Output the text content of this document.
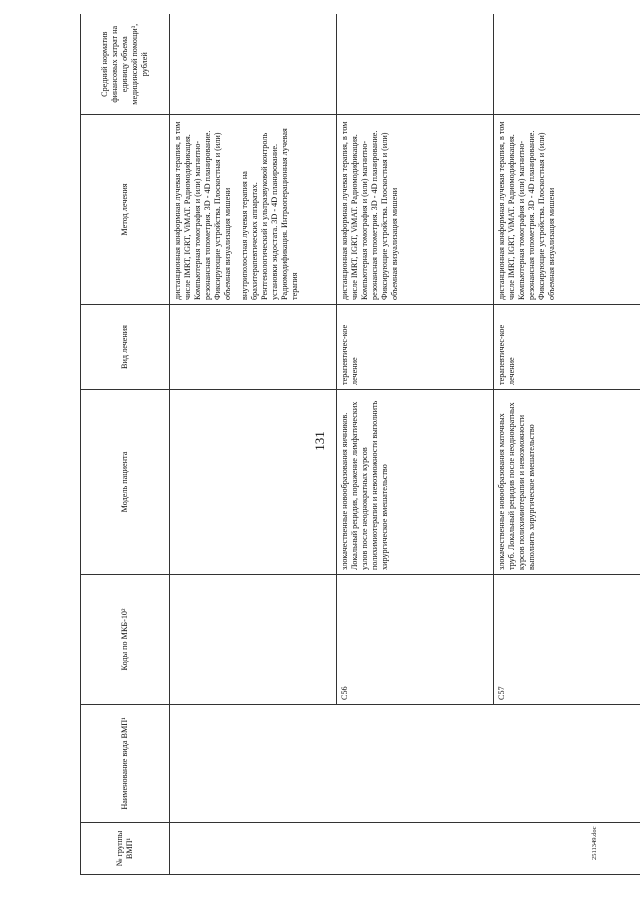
131
2511349.doc
№ группы ВМП¹	Наименование вида ВМП¹	Коды по МКБ-10²	Модель пациента	Вид лечения	Метод лечения	Средний норматив финансовых затрат на единицу объема медицинской помощи³, рублей

					дистанционная конформная лучевая терапия, в том числе IMRT, IGRT, ViMAT. Радиомодификация. Компьютерная томография и (или) магнитно-резонансная топометрия. 3D - 4D планирование. Фиксирующие устройства. Плоскостная и (или) объемная визуализация мишени внутриполостная лучевая терапия на брахитерапевтических аппаратах. Рентгенологический и ультразвуковой контроль установки эндостата. 3D - 4D планирование. Радиомодификация. Интраоперационная лучевая терапия	

		C56	злокачественные новообразования яичников. Локальный рецидив, поражение лимфатических узлов после неоднократных курсов полихимиотерапии и невозможности выполнить хирургическое вмешательство	терапевтичес-кое лечение	дистанционная конформная лучевая терапия, в том числе IMRT, IGRT, ViMAT. Радиомодификация. Компьютерная томография и (или) магнитно-резонансная топометрия. 3D - 4D планирование. Фиксирующие устройства. Плоскостная и (или) объемная визуализация мишени	

		C57	злокачественные новообразования маточных труб. Локальный рецидив после неоднократных курсов полихимиотерапии и невозможности выполнить хирургическое вмешательство	терапевтичес-кое лечение	дистанционная конформная лучевая терапия, в том числе IMRT, IGRT, ViMAT. Радиомодификация. Компьютерная томография и (или) магнитно-резонансная топометрия. 3D - 4D планирование. Фиксирующие устройства. Плоскостная и (или) объемная визуализация мишени	
